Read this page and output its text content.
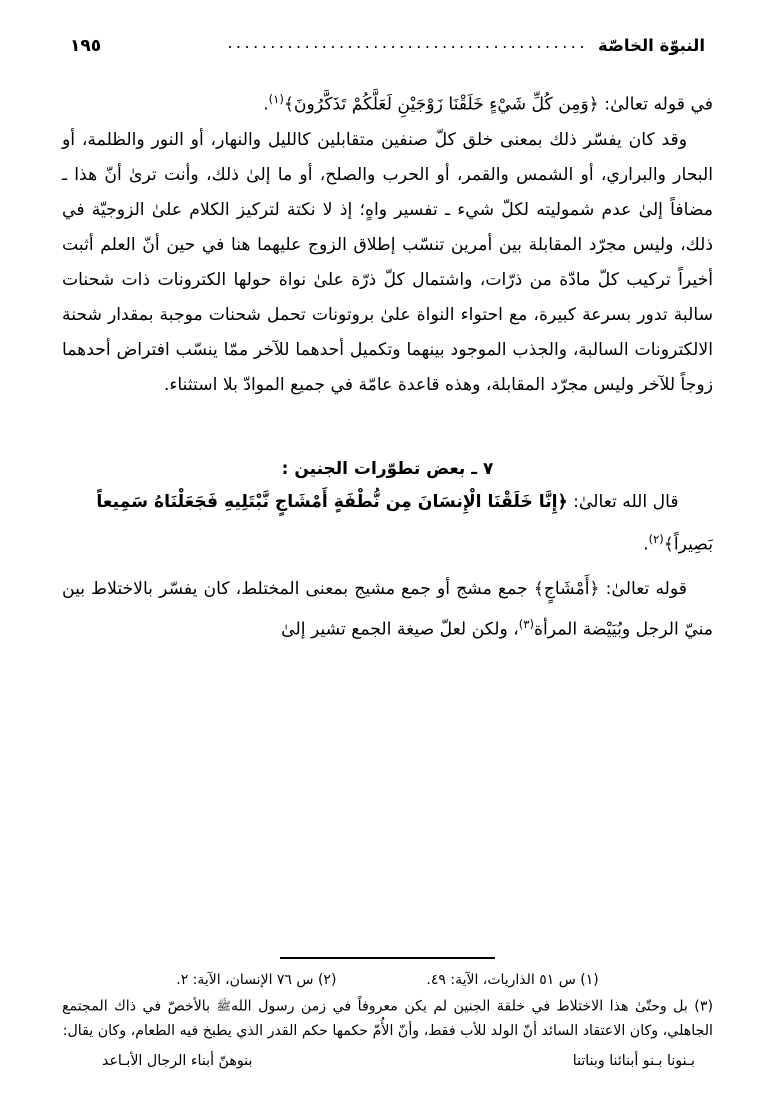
النبوّة الخاصّة
..........................................
١٩٥

في قوله تعالىٰ: ﴿وَمِن كُلِّ شَيْءٍ خَلَقْنَا زَوْجَيْنِ لَعَلَّكُمْ تَذَكَّرُونَ﴾$^{(١)}$.

وقد كان يفسّر ذلك بمعنى خلق كلّ صنفين متقابلين كالليل والنهار، أو النور والظلمة، أو البحار والبراري، أو الشمس والقمر، أو الحرب والصلح، أو ما إلىٰ ذلك، وأنت ترىٰ أنّ هذا ـ مضافاً إلىٰ عدم شموليته لكلّ شيء ـ تفسير واهٍ؛ إذ لا نكتة لتركيز الكلام علىٰ الزوجيّة في ذلك، وليس مجرّد المقابلة بين أمرين تنسّب إطلاق الزوج عليهما هنا في حين أنّ العلم أثبت أخيراً تركيب كلّ مادّة من ذرّات، واشتمال كلّ ذرّة علىٰ نواة حولها الكترونات ذات شحنات سالبة تدور بسرعة كبيرة، مع احتواء النواة علىٰ بروتونات تحمل شحنات موجبة بمقدار شحنة الالكترونات السالبة، والجذب الموجود بينهما وتكميل أحدهما للآخر ممّا ينسّب افتراض أحدهما زوجاً للآخر وليس مجرّد المقابلة، وهذه قاعدة عامّة في جميع الموادّ بلا استثناء.

٧ ـ بعض تطوّرات الجنين :
قال الله تعالىٰ: ﴿إِنَّا خَلَقْنَا الْإِنسَانَ مِن نُّطْفَةٍ أَمْشَاجٍ نَّبْتَلِيهِ فَجَعَلْنَاهُ سَمِيعاً
بَصِيراً﴾$^{(٢)}$.

قوله تعالىٰ: ﴿أَمْشَاجٍ﴾ جمع مشج أو جمع مشيج بمعنى المختلط، كان يفسّر بالاختلاط بين منيّ الرجل وبُيَيْضة المرأة$^{(٣)}$، ولكن لعلّ صيغة الجمع تشير إلىٰ

(١) س ٥١ الذاريات، الآية: ٤٩.
(٢) س ٧٦ الإنسان، الآية: ٢.

(٣) بل وحتّىٰ هذا الاختلاط في خلقة الجنين لم يكن معروفاً في زمن رسول اللهﷺ بالأخصّ في ذاك المجتمع الجاهلي، وكان الاعتقاد السائد أنّ الولد للأب فقط، وأنّ الأُمّ حكمها حكم القدر الذي يطبخ فيه الطعام، وكان يقال:

بـنونا بـنو أبنائنا وبناتنا
بنوهنّ أبناء الرجال الأبـاعد
